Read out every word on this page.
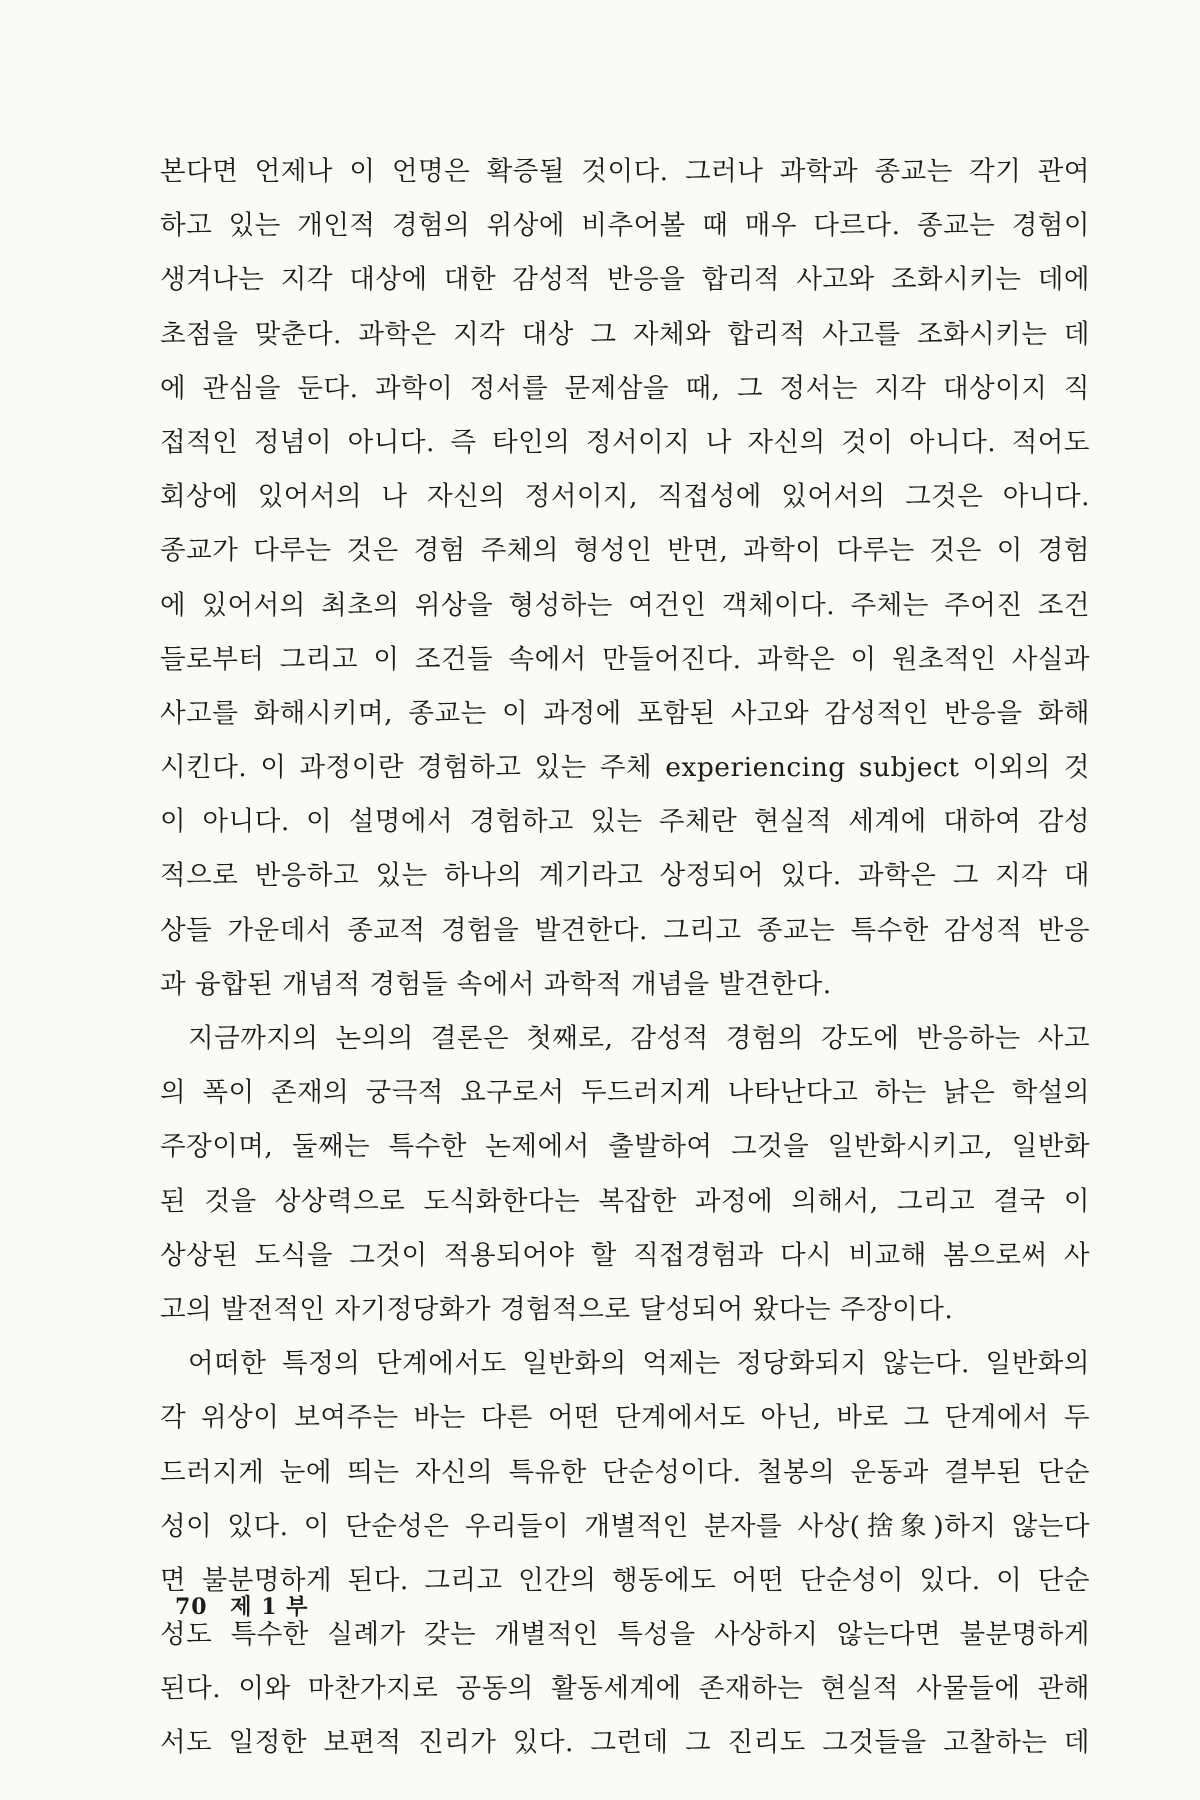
본다면 언제나 이 언명은 확증될 것이다. 그러나 과학과 종교는 각기 관여
하고 있는 개인적 경험의 위상에 비추어볼 때 매우 다르다. 종교는 경험이
생겨나는 지각 대상에 대한 감성적 반응을 합리적 사고와 조화시키는 데에
초점을 맞춘다. 과학은 지각 대상 그 자체와 합리적 사고를 조화시키는 데
에 관심을 둔다. 과학이 정서를 문제삼을 때, 그 정서는 지각 대상이지 직
접적인 정념이 아니다. 즉 타인의 정서이지 나 자신의 것이 아니다. 적어도
회상에 있어서의 나 자신의 정서이지, 직접성에 있어서의 그것은 아니다.
종교가 다루는 것은 경험 주체의 형성인 반면, 과학이 다루는 것은 이 경험
에 있어서의 최초의 위상을 형성하는 여건인 객체이다. 주체는 주어진 조건
들로부터 그리고 이 조건들 속에서 만들어진다. 과학은 이 원초적인 사실과
사고를 화해시키며, 종교는 이 과정에 포함된 사고와 감성적인 반응을 화해
시킨다. 이 과정이란 경험하고 있는 주체 experiencing subject 이외의 것
이 아니다. 이 설명에서 경험하고 있는 주체란 현실적 세계에 대하여 감성
적으로 반응하고 있는 하나의 계기라고 상정되어 있다. 과학은 그 지각 대
상들 가운데서 종교적 경험을 발견한다. 그리고 종교는 특수한 감성적 반응
과 융합된 개념적 경험들 속에서 과학적 개념을 발견한다.
지금까지의 논의의 결론은 첫째로, 감성적 경험의 강도에 반응하는 사고
의 폭이 존재의 궁극적 요구로서 두드러지게 나타난다고 하는 낡은 학설의
주장이며, 둘째는 특수한 논제에서 출발하여 그것을 일반화시키고, 일반화
된 것을 상상력으로 도식화한다는 복잡한 과정에 의해서, 그리고 결국 이
상상된 도식을 그것이 적용되어야 할 직접경험과 다시 비교해 봄으로써 사
고의 발전적인 자기정당화가 경험적으로 달성되어 왔다는 주장이다.
어떠한 특정의 단계에서도 일반화의 억제는 정당화되지 않는다. 일반화의
각 위상이 보여주는 바는 다른 어떤 단계에서도 아닌, 바로 그 단계에서 두
드러지게 눈에 띄는 자신의 특유한 단순성이다. 철봉의 운동과 결부된 단순
성이 있다. 이 단순성은 우리들이 개별적인 분자를 사상(捨象)하지 않는다
면 불분명하게 된다. 그리고 인간의 행동에도 어떤 단순성이 있다. 이 단순
성도 특수한 실례가 갖는 개별적인 특성을 사상하지 않는다면 불분명하게
된다. 이와 마찬가지로 공동의 활동세계에 존재하는 현실적 사물들에 관해
서도 일정한 보편적 진리가 있다. 그런데 그 진리도 그것들을 고찰하는 데
70 제 1 부
